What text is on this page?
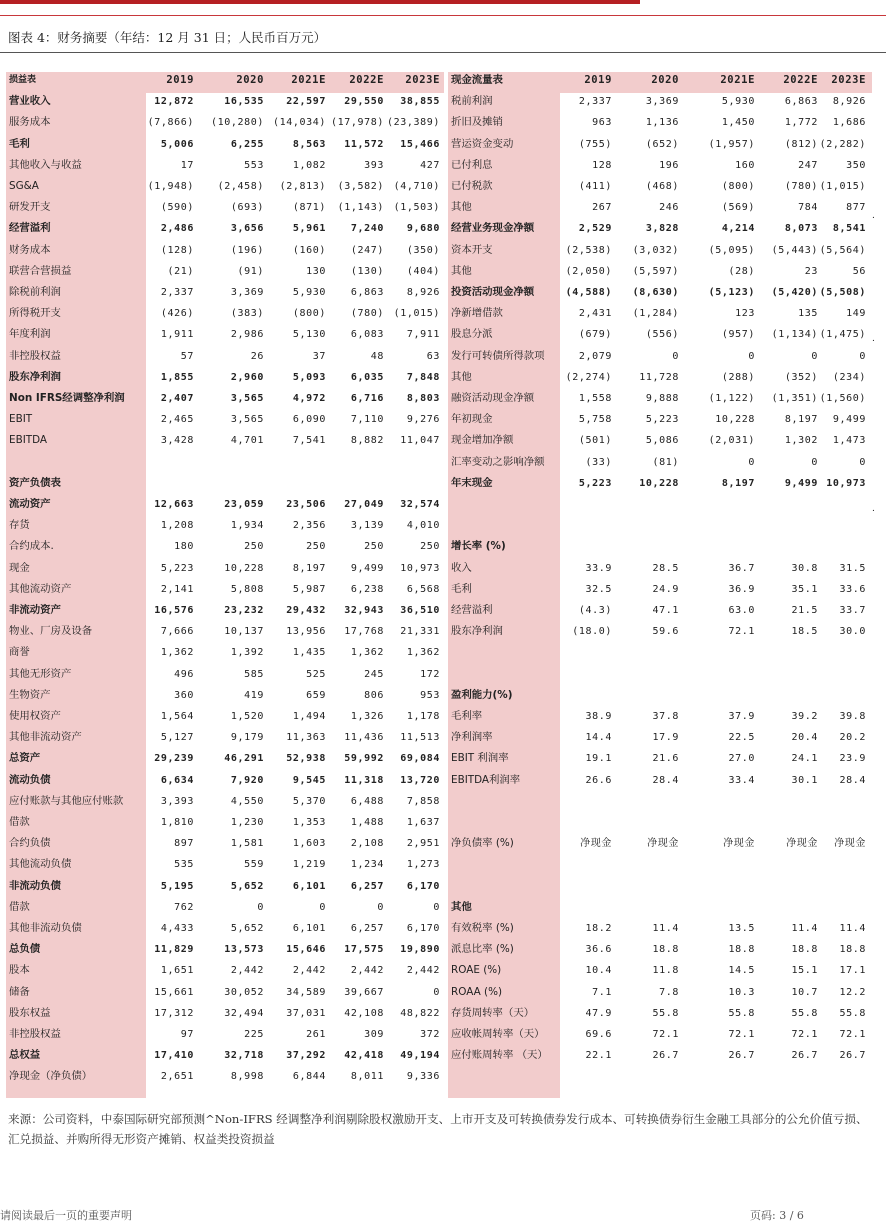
图表 4：财务摘要（年结：12 月 31 日；人民币百万元）
损益表	2019	2020	2021E	2022E	2023E
营业收入	12,872	16,535	22,597	29,550	38,855
服务成本	(7,866)	(10,280) (14,034) (17,978) (23,389)
毛利	5,006	6,255	8,563	11,572	15,466
其他收入与收益	17	553	1,082	393	427
SG&A	(1,948)	(2,458)	(2,813)	(3,582) (4,710)
研发开支	(590)	(693)	(871)	(1,143) (1,503)
经营溢利	2,486	3,656	5,961	7,240	9,680
财务成本	(128)	(196)	(160)	(247)	(350)
联营合营损益	(21)	(91)	130	(130)	(404)
除税前利润	2,337	3,369	5,930	6,863	8,926
所得税开支	(426)	(383)	(800)	(780) (1,015)
年度利润	1,911	2,986	5,130	6,083	7,911
非控股权益	57	26	37	48	63
股东净利润	1,855	2,960	5,093	6,035	7,848
Non IFRS经调整净利润	2,407	3,565	4,972	6,716	8,803
EBIT	2,465	3,565	6,090	7,110	9,276
EBITDA	3,428	4,701	7,541	8,882	11,047
资产负债表
流动资产	12,663	23,059	23,506	27,049	32,574
存货	1,208	1,934	2,356	3,139	4,010
合约成本.	180	250	250	250	250
现金	5,223	10,228	8,197	9,499	10,973
其他流动资产	2,141	5,808	5,987	6,238	6,568
非流动资产	16,576	23,232	29,432	32,943	36,510
物业、厂房及设备	7,666	10,137	13,956	17,768	21,331
商誉	1,362	1,392	1,435	1,362	1,362
其他无形资产	496	585	525	245	172
生物资产	360	419	659	806	953
使用权资产	1,564	1,520	1,494	1,326	1,178
其他非流动资产	5,127	9,179	11,363	11,436	11,513
总资产	29,239	46,291	52,938	59,992	69,084
流动负债	6,634	7,920	9,545	11,318	13,720
应付账款与其他应付账款	3,393	4,550	5,370	6,488	7,858
借款	1,810	1,230	1,353	1,488	1,637
合约负债	897	1,581	1,603	2,108	2,951
其他流动负债	535	559	1,219	1,234	1,273
非流动负债	5,195	5,652	6,101	6,257	6,170
借款	762	0	0	0	0
其他非流动负债	4,433	5,652	6,101	6,257	6,170
总负债	11,829	13,573	15,646	17,575	19,890
股本	1,651	2,442	2,442	2,442	2,442
储备	15,661	30,052	34,589	39,667	0
股东权益	17,312	32,494	37,031	42,108	48,822
非控股权益	97	225	261	309	372
总权益	17,410	32,718	37,292	42,418	49,194
净现金（净负债）	2,651	8,998	6,844	8,011	9,336
现金流量表	2019	2020	2021E	2022E	2023E
税前利润	2,337	3,369	5,930	6,863	8,926
折旧及摊销	963	1,136	1,450	1,772	1,686
营运资金变动	(755)	(652)	(1,957)	(812) (2,282)
已付利息	128	196	160	247	350
已付税款	(411)	(468)	(800)	(780) (1,015)
其他	267	246	(569)	784	877
经营业务现金净额	2,529	3,828	4,214	8,073	8,541
资本开支	(2,538)	(3,032)	(5,095)	(5,443) (5,564)
其他	(2,050)	(5,597)	(28)	23	56
投资活动现金净额	(4,588)	(8,630)	(5,123)	(5,420) (5,508)
净新增借款	2,431	(1,284)	123	135	149
股息分派	(679)	(556)	(957)	(1,134) (1,475)
发行可转债所得款项	2,079	0	0	0	0
其他	(2,274)	11,728	(288)	(352)	(234)
融资活动现金净额	1,558	9,888	(1,122)	(1,351) (1,560)
年初现金	5,758	5,223	10,228	8,197	9,499
现金增加净额	(501)	5,086	(2,031)	1,302	1,473
汇率变动之影响净额	(33)	(81)	0	0	0
年末现金	5,223	10,228	8,197	9,499 10,973
增长率 (%)
收入	33.9	28.5	36.7	30.8	31.5
毛利	32.5	24.9	36.9	35.1	33.6
经营溢利	(4.3)	47.1	63.0	21.5	33.7
股东净利润	(18.0)	59.6	72.1	18.5	30.0
盈利能力(%)
毛利率	38.9	37.8	37.9	39.2	39.8
净利润率	14.4	17.9	22.5	20.4	20.2
EBIT 利润率	19.1	21.6	27.0	24.1	23.9
EBITDA利润率	26.6	28.4	33.4	30.1	28.4
净负债率 (%)	净现金	净现金	净现金	净现金	净现金
其他
有效税率 (%)	18.2	11.4	13.5	11.4	11.4
派息比率 (%)	36.6	18.8	18.8	18.8	18.8
ROAE (%)	10.4	11.8	14.5	15.1	17.1
ROAA (%)	7.1	7.8	10.3	10.7	12.2
存货周转率（天）	47.9	55.8	55.8	55.8	55.8
应收帐周转率（天）	69.6	72.1	72.1	72.1	72.1
应付账周转率 （天）	22.1	26.7	26.7	26.7	26.7
.
.
.
来源：公司资料，中泰国际研究部预测^Non-IFRS 经调整净利润剔除股权激励开支、上市开支及可转换债券发行成本、可转换债券衍生金融工具部分的公允价值亏损、汇兑损益、并购所得无形资产摊销、权益类投资损益
请阅读最后一页的重要声明	页码: 3 / 6
